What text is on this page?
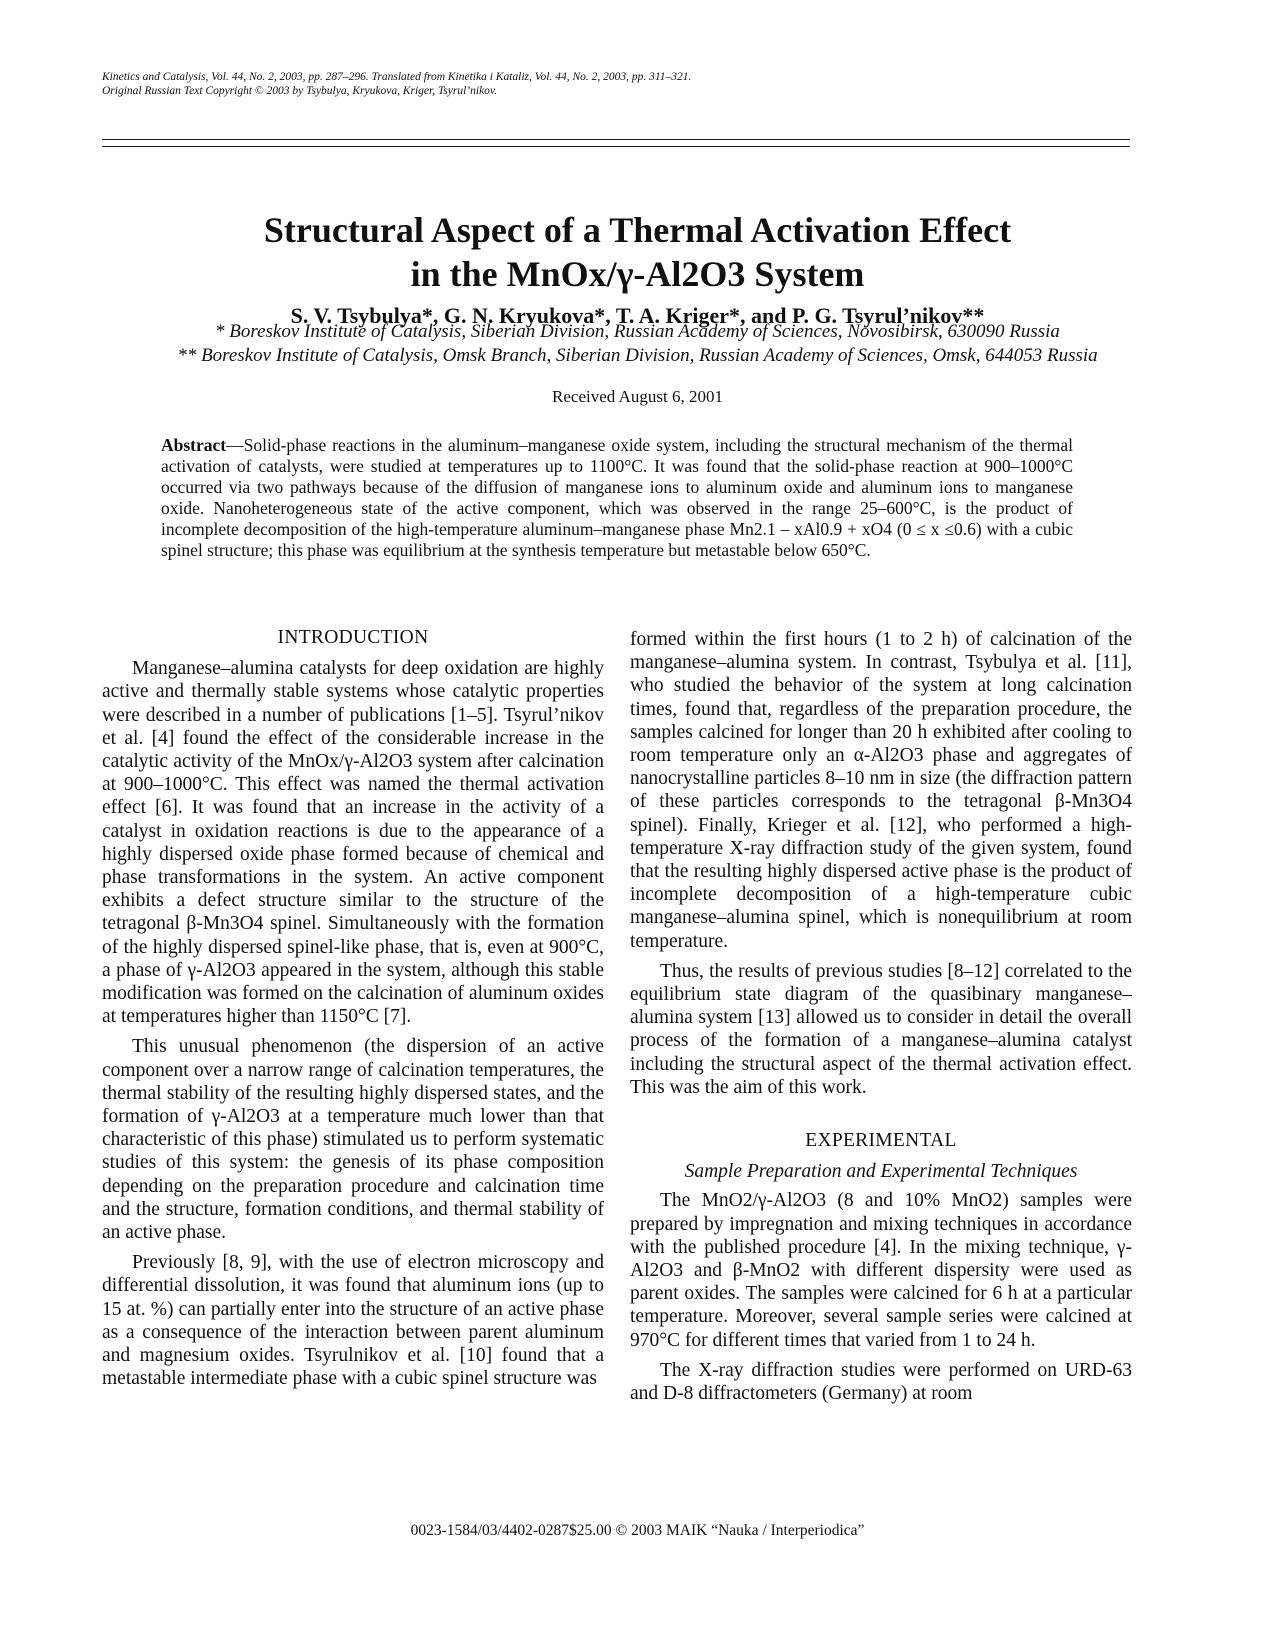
Kinetics and Catalysis, Vol. 44, No. 2, 2003, pp. 287–296. Translated from Kinetika i Kataliz, Vol. 44, No. 2, 2003, pp. 311–321.
Original Russian Text Copyright © 2003 by Tsybulya, Kryukova, Kriger, Tsyrul’nikov.
Structural Aspect of a Thermal Activation Effect
in the MnOx/γ-Al2O3 System
S. V. Tsybulya*, G. N. Kryukova*, T. A. Kriger*, and P. G. Tsyrul’nikov**
* Boreskov Institute of Catalysis, Siberian Division, Russian Academy of Sciences, Novosibirsk, 630090 Russia
** Boreskov Institute of Catalysis, Omsk Branch, Siberian Division, Russian Academy of Sciences, Omsk, 644053 Russia
Received August 6, 2001
Abstract—Solid-phase reactions in the aluminum–manganese oxide system, including the structural mechanism of the thermal activation of catalysts, were studied at temperatures up to 1100°C. It was found that the solid-phase reaction at 900–1000°C occurred via two pathways because of the diffusion of manganese ions to aluminum oxide and aluminum ions to manganese oxide. Nanoheterogeneous state of the active component, which was observed in the range 25–600°C, is the product of incomplete decomposition of the high-temperature aluminum–manganese phase Mn2.1 – xAl0.9 + xO4 (0 ≤ x ≤0.6) with a cubic spinel structure; this phase was equilibrium at the synthesis temperature but metastable below 650°C.
INTRODUCTION

Manganese–alumina catalysts for deep oxidation are highly active and thermally stable systems whose catalytic properties were described in a number of publications [1–5]. Tsyrul’nikov et al. [4] found the effect of the considerable increase in the catalytic activity of the MnOx/γ-Al2O3 system after calcination at 900–1000°C. This effect was named the thermal activation effect [6]. It was found that an increase in the activity of a catalyst in oxidation reactions is due to the appearance of a highly dispersed oxide phase formed because of chemical and phase transformations in the system. An active component exhibits a defect structure similar to the structure of the tetragonal β-Mn3O4 spinel. Simultaneously with the formation of the highly dispersed spinel-like phase, that is, even at 900°C, a phase of γ-Al2O3 appeared in the system, although this stable modification was formed on the calcination of aluminum oxides at temperatures higher than 1150°C [7].

This unusual phenomenon (the dispersion of an active component over a narrow range of calcination temperatures, the thermal stability of the resulting highly dispersed states, and the formation of γ-Al2O3 at a temperature much lower than that characteristic of this phase) stimulated us to perform systematic studies of this system: the genesis of its phase composition depending on the preparation procedure and calcination time and the structure, formation conditions, and thermal stability of an active phase.

Previously [8, 9], with the use of electron microscopy and differential dissolution, it was found that aluminum ions (up to 15 at. %) can partially enter into the structure of an active phase as a consequence of the interaction between parent aluminum and magnesium oxides. Tsyrulnikov et al. [10] found that a metastable intermediate phase with a cubic spinel structure was

formed within the first hours (1 to 2 h) of calcination of the manganese–alumina system. In contrast, Tsybulya et al. [11], who studied the behavior of the system at long calcination times, found that, regardless of the preparation procedure, the samples calcined for longer than 20 h exhibited after cooling to room temperature only an α-Al2O3 phase and aggregates of nanocrystalline particles 8–10 nm in size (the diffraction pattern of these particles corresponds to the tetragonal β-Mn3O4 spinel). Finally, Krieger et al. [12], who performed a high-temperature X-ray diffraction study of the given system, found that the resulting highly dispersed active phase is the product of incomplete decomposition of a high-temperature cubic manganese–alumina spinel, which is nonequilibrium at room temperature.

Thus, the results of previous studies [8–12] correlated to the equilibrium state diagram of the quasibinary manganese–alumina system [13] allowed us to consider in detail the overall process of the formation of a manganese–alumina catalyst including the structural aspect of the thermal activation effect. This was the aim of this work.

EXPERIMENTAL
Sample Preparation and Experimental Techniques

The MnO2/γ-Al2O3 (8 and 10% MnO2) samples were prepared by impregnation and mixing techniques in accordance with the published procedure [4]. In the mixing technique, γ-Al2O3 and β-MnO2 with different dispersity were used as parent oxides. The samples were calcined for 6 h at a particular temperature. Moreover, several sample series were calcined at 970°C for different times that varied from 1 to 24 h.

The X-ray diffraction studies were performed on URD-63 and D-8 diffractometers (Germany) at room

0023-1584/03/4402-0287$25.00 © 2003 MAIK “Nauka / Interperiodica”
